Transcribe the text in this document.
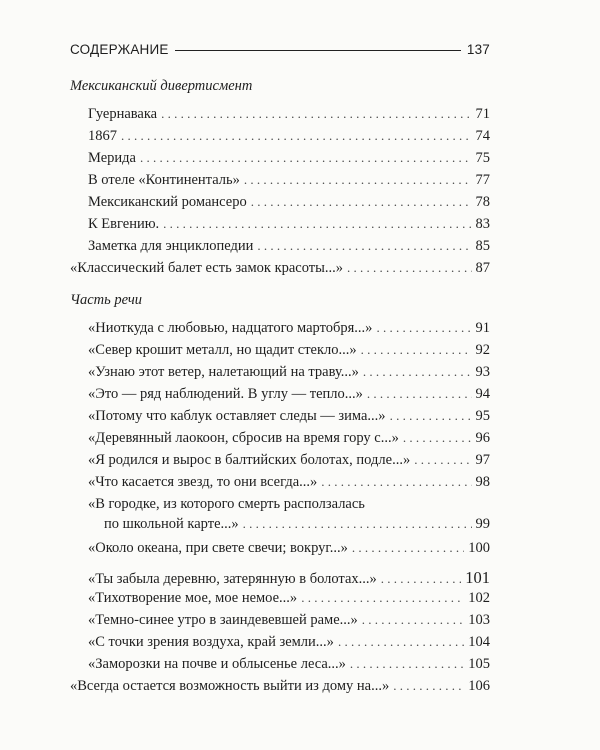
СОДЕРЖАНИЕ	137
Мексиканский дивертисмент
Гуернавака . . .	71
1867 . . .	74
Мерида . . .	75
В отеле «Континенталь» . . .	77
Мексиканский романсеро . . .	78
К Евгению. . . .	83
Заметка для энциклопедии . . .	85
«Классический балет есть замок красоты...» . . .	87
Часть речи
«Ниоткуда с любовью, надцатого мартобря...» . . .	91
«Север крошит металл, но щадит стекло...» . . .	92
«Узнаю этот ветер, налетающий на траву...» . . .	93
«Это — ряд наблюдений. В углу — тепло...» . . .	94
«Потому что каблук оставляет следы — зима...» . . .	95
«Деревянный лаокоон, сбросив на время гору с...» . . .	96
«Я родился и вырос в балтийских болотах, подле...» . . .	97
«Что касается звезд, то они всегда...» . . .	98
«В городке, из которого смерть расползалась
по школьной карте...» . . .	99
«Около океана, при свете свечи; вокруг...» . . .	100
«Ты забыла деревню, затерянную в болотах...» . . .	101
«Тихотворение мое, мое немое...» . . .	102
«Темно-синее утро в заиндевевшей раме...» . . .	103
«С точки зрения воздуха, край земли...» . . .	104
«Заморозки на почве и облысенье леса...» . . .	105
«Всегда остается возможность выйти из дому на...» . . .	106
